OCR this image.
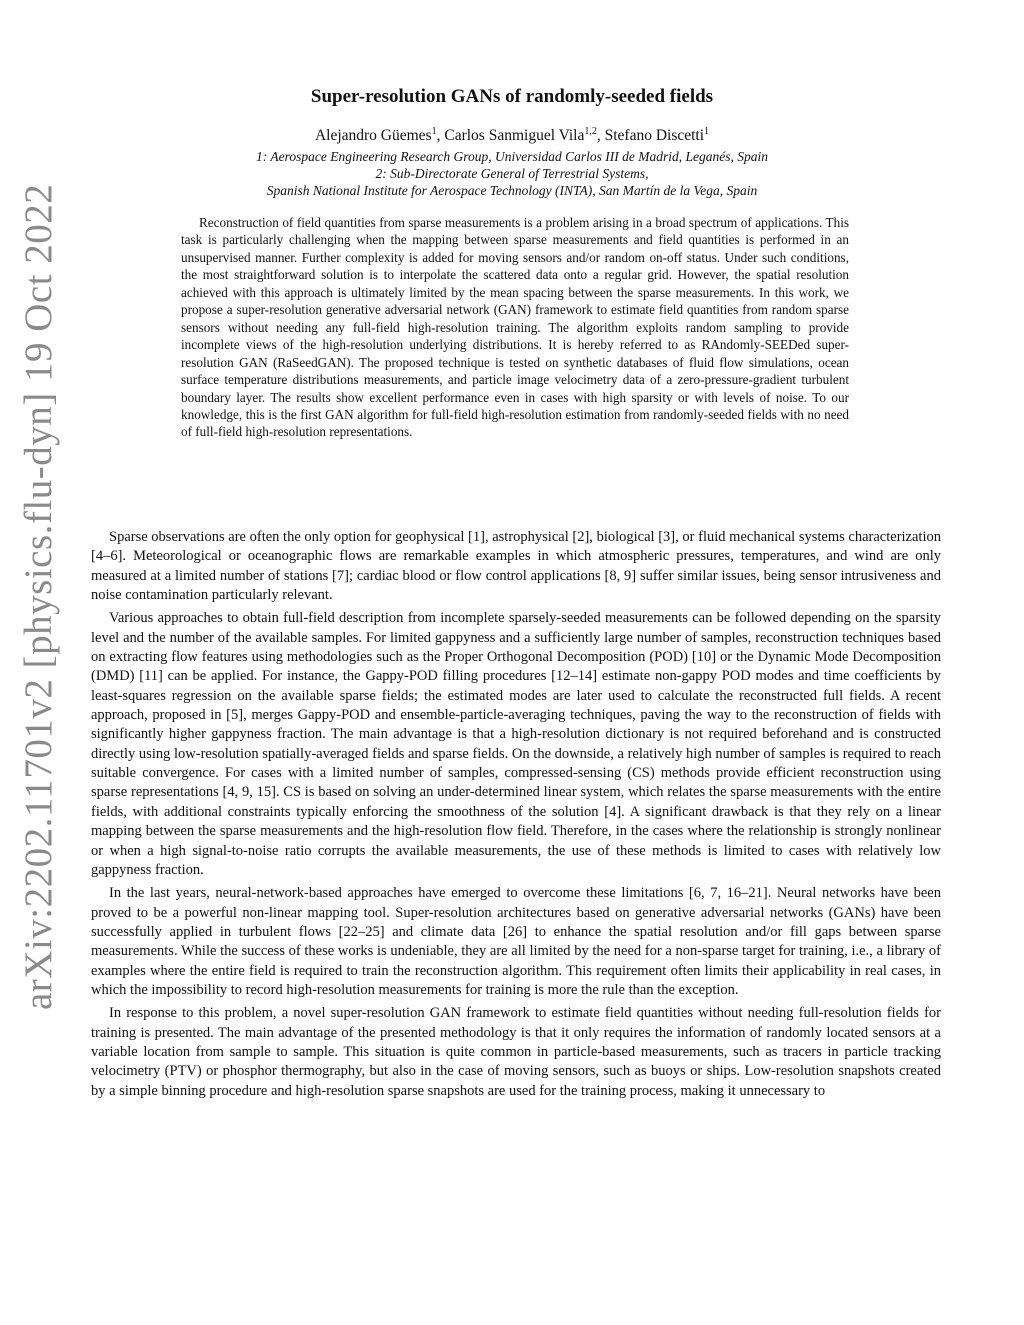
arXiv:2202.11701v2 [physics.flu-dyn] 19 Oct 2022
Super-resolution GANs of randomly-seeded fields
Alejandro Güemes$^1$, Carlos Sanmiguel Vila$^{1,2}$, Stefano Discetti$^1$
1: Aerospace Engineering Research Group, Universidad Carlos III de Madrid, Leganés, Spain
2: Sub-Directorate General of Terrestrial Systems,
Spanish National Institute for Aerospace Technology (INTA), San Martín de la Vega, Spain
Reconstruction of field quantities from sparse measurements is a problem arising in a broad spectrum of applications. This task is particularly challenging when the mapping between sparse measurements and field quantities is performed in an unsupervised manner. Further complexity is added for moving sensors and/or random on-off status. Under such conditions, the most straightforward solution is to interpolate the scattered data onto a regular grid. However, the spatial resolution achieved with this approach is ultimately limited by the mean spacing between the sparse measurements. In this work, we propose a super-resolution generative adversarial network (GAN) framework to estimate field quantities from random sparse sensors without needing any full-field high-resolution training. The algorithm exploits random sampling to provide incomplete views of the high-resolution underlying distributions. It is hereby referred to as RAndomly-SEEDed super-resolution GAN (RaSeedGAN). The proposed technique is tested on synthetic databases of fluid flow simulations, ocean surface temperature distributions measurements, and particle image velocimetry data of a zero-pressure-gradient turbulent boundary layer. The results show excellent performance even in cases with high sparsity or with levels of noise. To our knowledge, this is the first GAN algorithm for full-field high-resolution estimation from randomly-seeded fields with no need of full-field high-resolution representations.

Sparse observations are often the only option for geophysical [1], astrophysical [2], biological [3], or fluid mechanical systems characterization [4–6]. Meteorological or oceanographic flows are remarkable examples in which atmospheric pressures, temperatures, and wind are only measured at a limited number of stations [7]; cardiac blood or flow control applications [8, 9] suffer similar issues, being sensor intrusiveness and noise contamination particularly relevant.

Various approaches to obtain full-field description from incomplete sparsely-seeded measurements can be followed depending on the sparsity level and the number of the available samples. For limited gappyness and a sufficiently large number of samples, reconstruction techniques based on extracting flow features using methodologies such as the Proper Orthogonal Decomposition (POD) [10] or the Dynamic Mode Decomposition (DMD) [11] can be applied. For instance, the Gappy-POD filling procedures [12–14] estimate non-gappy POD modes and time coefficients by least-squares regression on the available sparse fields; the estimated modes are later used to calculate the reconstructed full fields. A recent approach, proposed in [5], merges Gappy-POD and ensemble-particle-averaging techniques, paving the way to the reconstruction of fields with significantly higher gappyness fraction. The main advantage is that a high-resolution dictionary is not required beforehand and is constructed directly using low-resolution spatially-averaged fields and sparse fields. On the downside, a relatively high number of samples is required to reach suitable convergence. For cases with a limited number of samples, compressed-sensing (CS) methods provide efficient reconstruction using sparse representations [4, 9, 15]. CS is based on solving an under-determined linear system, which relates the sparse measurements with the entire fields, with additional constraints typically enforcing the smoothness of the solution [4]. A significant drawback is that they rely on a linear mapping between the sparse measurements and the high-resolution flow field. Therefore, in the cases where the relationship is strongly nonlinear or when a high signal-to-noise ratio corrupts the available measurements, the use of these methods is limited to cases with relatively low gappyness fraction.

In the last years, neural-network-based approaches have emerged to overcome these limitations [6, 7, 16–21]. Neural networks have been proved to be a powerful non-linear mapping tool. Super-resolution architectures based on generative adversarial networks (GANs) have been successfully applied in turbulent flows [22–25] and climate data [26] to enhance the spatial resolution and/or fill gaps between sparse measurements. While the success of these works is undeniable, they are all limited by the need for a non-sparse target for training, i.e., a library of examples where the entire field is required to train the reconstruction algorithm. This requirement often limits their applicability in real cases, in which the impossibility to record high-resolution measurements for training is more the rule than the exception.

In response to this problem, a novel super-resolution GAN framework to estimate field quantities without needing full-resolution fields for training is presented. The main advantage of the presented methodology is that it only requires the information of randomly located sensors at a variable location from sample to sample. This situation is quite common in particle-based measurements, such as tracers in particle tracking velocimetry (PTV) or phosphor thermography, but also in the case of moving sensors, such as buoys or ships. Low-resolution snapshots created by a simple binning procedure and high-resolution sparse snapshots are used for the training process, making it unnecessary to
